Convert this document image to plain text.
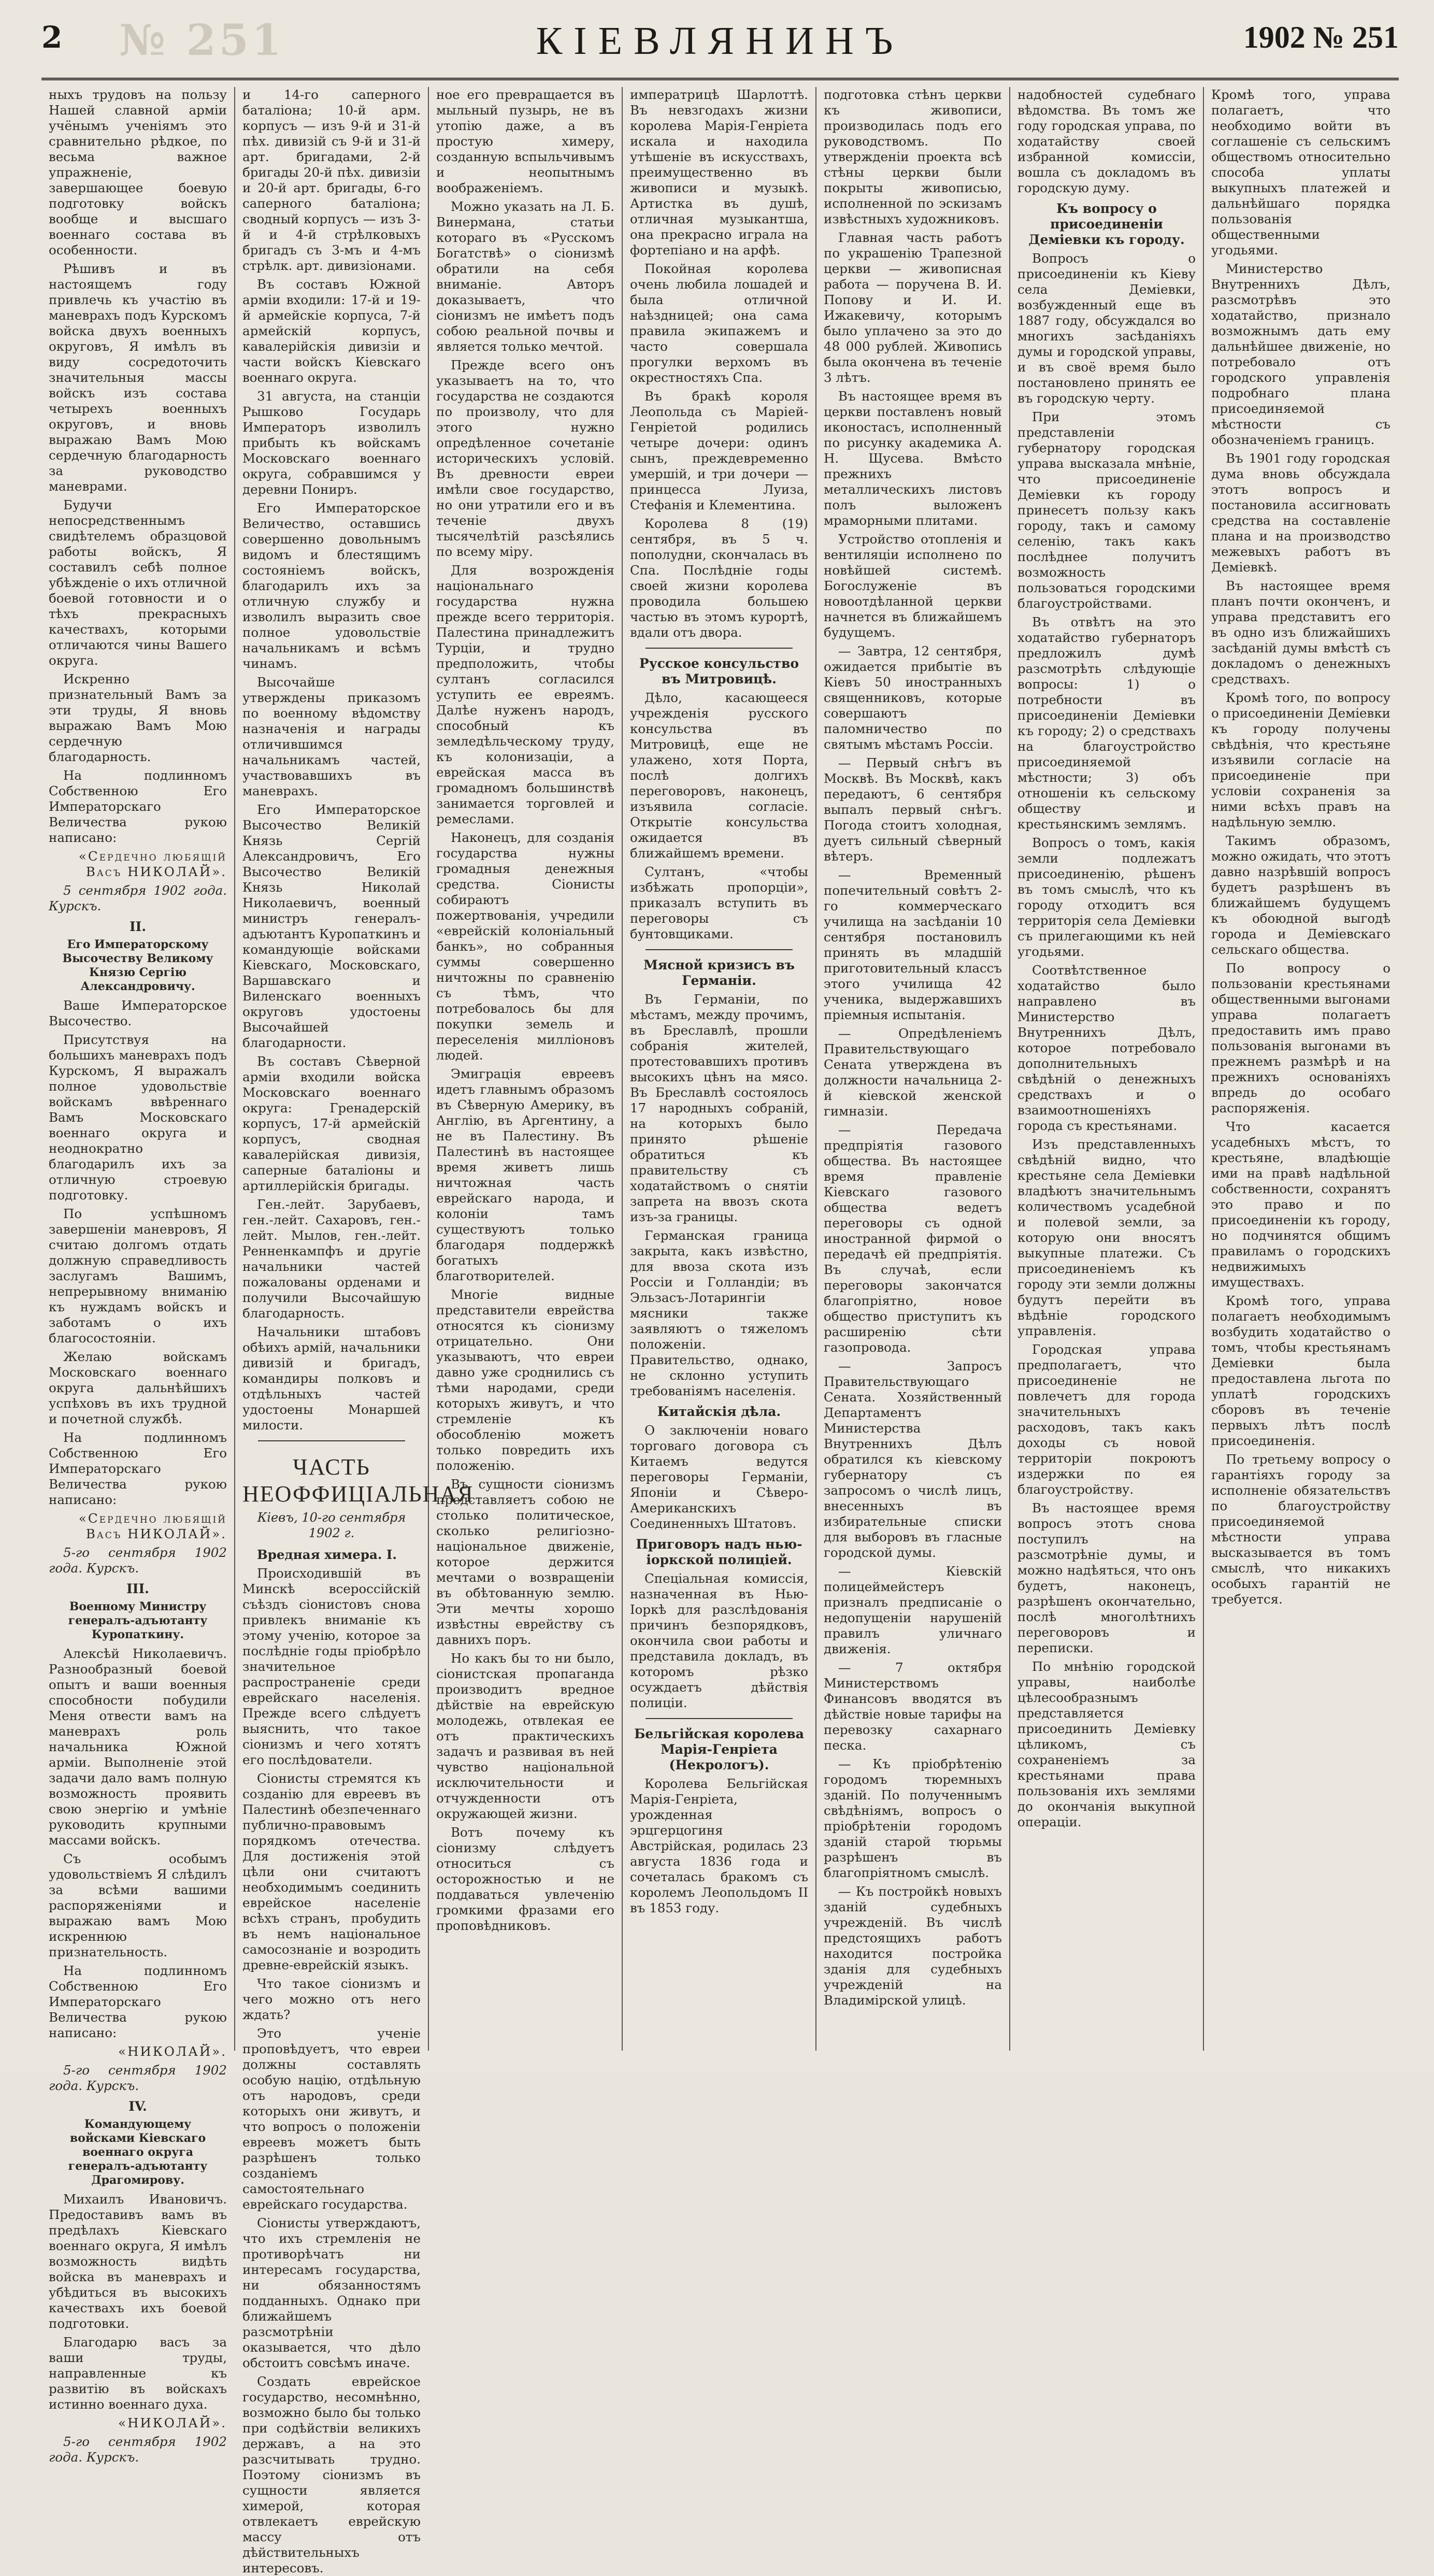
2 № 251	КІЕВЛЯНИНЪ	1902 № 251

ныхъ трудовъ на пользу Нашей славной арміи учёнымъ ученіямъ это сравнительно рѣдкое, по весьма важное упражненіе, завершающее боевую подготовку войскъ вообще и высшаго военнаго состава въ особенности.

Рѣшивъ и въ настоящемъ году привлечь къ участію въ маневрахъ подъ Курскомъ войска двухъ военныхъ округовъ, Я имѣлъ въ виду сосредоточить значительныя массы войскъ изъ состава четырехъ военныхъ округовъ, и вновь выражаю Вамъ Мою сердечную благодарность за руководство маневрами.

Будучи непосредственнымъ свидѣтелемъ образцовой работы войскъ, Я составилъ себѣ полное убѣжденіе о ихъ отличной боевой готовности и о тѣхъ прекрасныхъ качествахъ, которыми отличаются чины Вашего округа.

Искренно признательный Вамъ за эти труды, Я вновь выражаю Вамъ Мою сердечную благодарность.

На подлинномъ Собственною Его Императорскаго Величества рукою написано:

«Сердечно любящій Васъ НИКОЛАЙ».

5 сентября 1902 года. Курскъ.

II.
Его Императорскому Высочеству Великому Князю Сергію Александровичу.

Ваше Императорское Высочество.

Присутствуя на большихъ маневрахъ подъ Курскомъ, Я выражалъ полное удовольствіе войскамъ ввѣреннаго Вамъ Московскаго военнаго округа и неоднократно благодарилъ ихъ за отличную строевую подготовку.

По успѣшномъ завершеніи маневровъ, Я считаю долгомъ отдать должную справедливость заслугамъ Вашимъ, непрерывному вниманію къ нуждамъ войскъ и заботамъ о ихъ благосостояніи.

Желаю войскамъ Московскаго военнаго округа дальнѣйшихъ успѣховъ въ ихъ трудной и почетной службѣ.

На подлинномъ Собственною Его Императорскаго Величества рукою написано:

«Сердечно любящій Васъ НИКОЛАЙ».

5-го сентября 1902 года. Курскъ.

III.
Военному Министру генералъ-адъютанту Куропаткину.

Алексѣй Николаевичъ. Разнообразный боевой опытъ и ваши военныя способности побудили Меня отвести вамъ на маневрахъ роль начальника Южной арміи. Выполненіе этой задачи дало вамъ полную возможность проявить свою энергію и умѣніе руководить крупными массами войскъ.

Съ особымъ удовольствіемъ Я слѣдилъ за всѣми вашими распоряженіями и выражаю вамъ Мою искреннюю признательность.

На подлинномъ Собственною Его Императорскаго Величества рукою написано:

«НИКОЛАЙ».

5-го сентября 1902 года. Курскъ.

IV.
Командующему войсками Кіевскаго военнаго округа генералъ-адъютанту Драгомирову.

Михаилъ Ивановичъ. Предоставивъ вамъ въ предѣлахъ Кіевскаго военнаго округа, Я имѣлъ возможность видѣть войска въ маневрахъ и убѣдиться въ высокихъ качествахъ ихъ боевой подготовки.

Благодарю васъ за ваши труды, направленные къ развитію въ войскахъ истинно военнаго духа.

«НИКОЛАЙ».

5-го сентября 1902 года. Курскъ.

и 14-го саперного баталіона; 10-й арм. корпусъ — изъ 9-й и 31-й пѣх. дивизій съ 9-й и 31-й арт. бригадами, 2-й бригады 20-й пѣх. дивизіи и 20-й арт. бригады, 6-го саперного баталіона; сводный корпусъ — изъ 3-й и 4-й стрѣлковыхъ бригадъ съ 3-мъ и 4-мъ стрѣлк. арт. дивизіонами.

Въ составъ Южной арміи входили: 17-й и 19-й армейскіе корпуса, 7-й армейскій корпусъ, кавалерійскія дивизіи и части войскъ Кіевскаго военнаго округа.

31 августа, на станціи Рышково Государь Императоръ изволилъ прибыть къ войскамъ Московскаго военнаго округа, собравшимся у деревни Пониръ.

Его Императорское Величество, оставшись совершенно довольнымъ видомъ и блестящимъ состояніемъ войскъ, благодарилъ ихъ за отличную службу и изволилъ выразить свое полное удовольствіе начальникамъ и всѣмъ чинамъ.

Высочайше утверждены приказомъ по военному вѣдомству назначенія и награды отличившимся начальникамъ частей, участвовавшихъ въ маневрахъ.

Его Императорское Высочество Великій Князь Сергій Александровичъ, Его Высочество Великій Князь Николай Николаевичъ, военный министръ генералъ-адъютантъ Куропаткинъ и командующіе войсками Кіевскаго, Московскаго, Варшавскаго и Виленскаго военныхъ округовъ удостоены Высочайшей благодарности.

Въ составъ Сѣверной арміи входили войска Московскаго военнаго округа: Гренадерскій корпусъ, 17-й армейскій корпусъ, сводная кавалерійская дивизія, саперные баталіоны и артиллерійскія бригады.

Ген.-лейт. Зарубаевъ, ген.-лейт. Сахаровъ, ген.-лейт. Мылов, ген.-лейт. Ренненкампфъ и другіе начальники частей пожалованы орденами и получили Высочайшую благодарность.

Начальники штабовъ обѣихъ армій, начальники дивизій и бригадъ, командиры полковъ и отдѣльныхъ частей удостоены Монаршей милости.

ЧАСТЬ НЕОФФИЦІАЛЬНАЯ
Кіевъ, 10-го сентября 1902 г.

Вредная химера. I.

Происходившій въ Минскѣ всероссійскій съѣздъ сіонистовъ снова привлекъ вниманіе къ этому ученію, которое за послѣдніе годы пріобрѣло значительное распространеніе среди еврейскаго населенія. Прежде всего слѣдуетъ выяснить, что такое сіонизмъ и чего хотятъ его послѣдователи.

Сіонисты стремятся къ созданію для евреевъ въ Палестинѣ обезпеченнаго публично-правовымъ порядкомъ отечества. Для достиженія этой цѣли они считаютъ необходимымъ соединить еврейское населеніе всѣхъ странъ, пробудить въ немъ національное самосознаніе и возродить древне-еврейскій языкъ.

Что такое сіонизмъ и чего можно отъ него ждать?

Это ученіе проповѣдуетъ, что евреи должны составлять особую націю, отдѣльную отъ народовъ, среди которыхъ они живутъ, и что вопросъ о положеніи евреевъ можетъ быть разрѣшенъ только созданіемъ самостоятельнаго еврейскаго государства.

Сіонисты утверждаютъ, что ихъ стремленія не противорѣчатъ ни интересамъ государства, ни обязанностямъ подданныхъ. Однако при ближайшемъ разсмотрѣніи оказывается, что дѣло обстоитъ совсѣмъ иначе.

Создать еврейское государство, несомнѣнно, возможно было бы только при содѣйствіи великихъ державъ, а на это разсчитывать трудно. Поэтому сіонизмъ въ сущности является химерой, которая отвлекаетъ еврейскую массу отъ дѣйствительныхъ интересовъ.

ное его превращается въ мыльный пузырь, не въ утопію даже, а въ простую химеру, созданную вспыльчивымъ и неопытнымъ воображеніемъ.

Можно указать на Л. Б. Винермана, статьи котораго въ «Русскомъ Богатствѣ» о сіонизмѣ обратили на себя вниманіе. Авторъ доказываетъ, что сіонизмъ не имѣетъ подъ собою реальной почвы и является только мечтой.

Прежде всего онъ указываетъ на то, что государства не создаются по произволу, что для этого нужно опредѣленное сочетаніе историческихъ условій. Въ древности евреи имѣли свое государство, но они утратили его и въ теченіе двухъ тысячелѣтій разсѣялись по всему міру.

Для возрожденія національнаго государства нужна прежде всего территорія. Палестина принадлежитъ Турціи, и трудно предположить, чтобы султанъ согласился уступить ее евреямъ. Далѣе нуженъ народъ, способный къ земледѣльческому труду, къ колонизаціи, а еврейская масса въ громадномъ большинствѣ занимается торговлей и ремеслами.

Наконецъ, для созданія государства нужны громадныя денежныя средства. Сіонисты собираютъ пожертвованія, учредили «еврейскій колоніальный банкъ», но собранныя суммы совершенно ничтожны по сравненію съ тѣмъ, что потребовалось бы для покупки земель и переселенія милліоновъ людей.

Эмиграція евреевъ идетъ главнымъ образомъ въ Сѣверную Америку, въ Англію, въ Аргентину, а не въ Палестину. Въ Палестинѣ въ настоящее время живетъ лишь ничтожная часть еврейскаго народа, и колоніи тамъ существуютъ только благодаря поддержкѣ богатыхъ благотворителей.

Многіе видные представители еврейства относятся къ сіонизму отрицательно. Они указываютъ, что евреи давно уже сроднились съ тѣми народами, среди которыхъ живутъ, и что стремленіе къ обособленію можетъ только повредить ихъ положенію.

Въ сущности сіонизмъ представляетъ собою не столько политическое, сколько религіозно-національное движеніе, которое держится мечтами о возвращеніи въ обѣтованную землю. Эти мечты хорошо извѣстны еврейству съ давнихъ поръ.

Но какъ бы то ни было, сіонистская пропаганда производитъ вредное дѣйствіе на еврейскую молодежь, отвлекая ее отъ практическихъ задачъ и развивая въ ней чувство національной исключительности и отчужденности отъ окружающей жизни.

Вотъ почему къ сіонизму слѣдуетъ относиться съ осторожностью и не поддаваться увлеченію громкими фразами его проповѣдниковъ.

императрицѣ Шарлоттѣ. Въ невзгодахъ жизни королева Марія-Генріета искала и находила утѣшеніе въ искусствахъ, преимущественно въ живописи и музыкѣ. Артистка въ душѣ, отличная музыкантша, она прекрасно играла на фортепіано и на арфѣ.

Покойная королева очень любила лошадей и была отличной наѣздницей; она сама правила экипажемъ и часто совершала прогулки верхомъ въ окрестностяхъ Спа.

Въ бракѣ короля Леопольда съ Маріей-Генріетой родились четыре дочери: одинъ сынъ, преждевременно умершій, и три дочери — принцесса Луиза, Стефанія и Клементина.

Королева 8 (19) сентября, въ 5 ч. пополудни, скончалась въ Спа. Послѣдніе годы своей жизни королева проводила большею частью въ этомъ курортѣ, вдали отъ двора.

Русское консульство въ Митровицѣ.

Дѣло, касающееся учрежденія русского консульства въ Митровицѣ, еще не улажено, хотя Порта, послѣ долгихъ переговоровъ, наконецъ, изъявила согласіе. Открытіе консульства ожидается въ ближайшемъ времени.

Султанъ, «чтобы избѣжать пропорціи», приказалъ вступить въ переговоры съ бунтовщиками.

Мясной кризисъ въ Германіи.

Въ Германіи, по мѣстамъ, между прочимъ, въ Бреславлѣ, прошли собранія жителей, протестовавшихъ противъ высокихъ цѣнъ на мясо. Въ Бреславлѣ состоялось 17 народныхъ собраній, на которыхъ было принято рѣшеніе обратиться къ правительству съ ходатайствомъ о снятіи запрета на ввозъ скота изъ-за границы.

Германская граница закрыта, какъ извѣстно, для ввоза скота изъ Россіи и Голландіи; въ Эльзасъ-Лотарингіи мясники также заявляютъ о тяжеломъ положеніи. Правительство, однако, не склонно уступить требованіямъ населенія.

Китайскія дѣла.

О заключеніи новаго торговаго договора съ Китаемъ ведутся переговоры Германіи, Японіи и Сѣверо-Американскихъ Соединенныхъ Штатовъ.

Приговоръ надъ нью-іоркской полиціей.

Спеціальная комиссія, назначенная въ Нью-Іоркѣ для разслѣдованія причинъ безпорядковъ, окончила свои работы и представила докладъ, въ которомъ рѣзко осуждаетъ дѣйствія полиціи.

Бельгійская королева Марія-Генріета (Некрологъ).

Королева Бельгійская Марія-Генріета, урожденная эрцгерцогиня Австрійская, родилась 23 августа 1836 года и сочеталась бракомъ съ королемъ Леопольдомъ II въ 1853 году.

подготовка стѣнъ церкви къ живописи, производилась подъ его руководствомъ. По утвержденіи проекта всѣ стѣны церкви были покрыты живописью, исполненной по эскизамъ извѣстныхъ художниковъ.

Главная часть работъ по украшенію Трапезной церкви — живописная работа — поручена В. И. Попову и И. И. Ижакевичу, которымъ было уплачено за это до 48 000 рублей. Живопись была окончена въ теченіе 3 лѣтъ.

Въ настоящее время въ церкви поставленъ новый иконостасъ, исполненный по рисунку академика А. Н. Щусева. Вмѣсто прежнихъ металлическихъ листовъ полъ выложенъ мраморными плитами.

Устройство отопленія и вентиляціи исполнено по новѣйшей системѣ. Богослуженіе въ новоотдѣланной церкви начнется въ ближайшемъ будущемъ.

— Завтра, 12 сентября, ожидается прибытіе въ Кіевъ 50 иностранныхъ священниковъ, которые совершаютъ паломничество по святымъ мѣстамъ Россіи.

— Первый снѣгъ въ Москвѣ. Въ Москвѣ, какъ передаютъ, 6 сентября выпалъ первый снѣгъ. Погода стоитъ холодная, дуетъ сильный сѣверный вѣтеръ.

— Временный попечительный совѣтъ 2-го коммерческаго училища на засѣданіи 10 сентября постановилъ принять въ младшій приготовительный классъ этого училища 42 ученика, выдержавшихъ пріемныя испытанія.

— Опредѣленіемъ Правительствующаго Сената утверждена въ должности начальница 2-й кіевской женской гимназіи.

— Передача предпріятія газового общества. Въ настоящее время правленіе Кіевскаго газового общества ведетъ переговоры съ одной иностранной фирмой о передачѣ ей предпріятія. Въ случаѣ, если переговоры закончатся благопріятно, новое общество приступитъ къ расширенію сѣти газопровода.

— Запросъ Правительствующаго Сената. Хозяйственный Департаментъ Министерства Внутреннихъ Дѣлъ обратился къ кіевскому губернатору съ запросомъ о числѣ лицъ, внесенныхъ въ избирательные списки для выборовъ въ гласные городской думы.

— Кіевскій полицеймейстеръ призналъ предписаніе о недопущеніи нарушеній правилъ уличнаго движенія.

— 7 октября Министерствомъ Финансовъ вводятся въ дѣйствіе новые тарифы на перевозку сахарнаго песка.

— Къ пріобрѣтенію городомъ тюремныхъ зданій. По полученнымъ свѣдѣніямъ, вопросъ о пріобрѣтеніи городомъ зданій старой тюрьмы разрѣшенъ въ благопріятномъ смыслѣ.

— Къ постройкѣ новыхъ зданій судебныхъ учрежденій. Въ числѣ предстоящихъ работъ находится постройка зданія для судебныхъ учрежденій на Владимірской улицѣ.

надобностей судебнаго вѣдомства. Въ томъ же году городская управа, по ходатайству своей избранной комиссіи, вошла съ докладомъ въ городскую думу.

Къ вопросу о присоединеніи Деміевки къ городу.

Вопросъ о присоединеніи къ Кіеву села Деміевки, возбужденный еще въ 1887 году, обсуждался во многихъ засѣданіяхъ думы и городской управы, и въ своё время было постановлено принять ее въ городскую черту.

При этомъ представленіи губернатору городская управа высказала мнѣніе, что присоединеніе Деміевки къ городу принесетъ пользу какъ городу, такъ и самому селенію, такъ какъ послѣднее получитъ возможность пользоваться городскими благоустройствами.

Въ отвѣтъ на это ходатайство губернаторъ предложилъ думѣ разсмотрѣть слѣдующіе вопросы: 1) о потребности въ присоединеніи Деміевки къ городу; 2) о средствахъ на благоустройство присоединяемой мѣстности; 3) объ отношеніи къ сельскому обществу и крестьянскимъ землямъ.

Вопросъ о томъ, какія земли подлежатъ присоединенію, рѣшенъ въ томъ смыслѣ, что къ городу отходитъ вся территорія села Деміевки съ прилегающими къ ней угодьями.

Соотвѣтственное ходатайство было направлено въ Министерство Внутреннихъ Дѣлъ, которое потребовало дополнительныхъ свѣдѣній о денежныхъ средствахъ и о взаимоотношеніяхъ города съ крестьянами.

Изъ представленныхъ свѣдѣній видно, что крестьяне села Деміевки владѣютъ значительнымъ количествомъ усадебной и полевой земли, за которую они вносятъ выкупные платежи. Съ присоединеніемъ къ городу эти земли должны будутъ перейти въ вѣдѣніе городского управленія.

Городская управа предполагаетъ, что присоединеніе не повлечетъ для города значительныхъ расходовъ, такъ какъ доходы съ новой территоріи покроютъ издержки по ея благоустройству.

Въ настоящее время вопросъ этотъ снова поступилъ на разсмотрѣніе думы, и можно надѣяться, что онъ будетъ, наконецъ, разрѣшенъ окончательно, послѣ многолѣтнихъ переговоровъ и переписки.

По мнѣнію городской управы, наиболѣе цѣлесообразнымъ представляется присоединить Деміевку цѣликомъ, съ сохраненіемъ за крестьянами права пользованія ихъ землями до окончанія выкупной операціи.

Кромѣ того, управа полагаетъ, что необходимо войти въ соглашеніе съ сельскимъ обществомъ относительно способа уплаты выкупныхъ платежей и дальнѣйшаго порядка пользованія общественными угодьями.

Министерство Внутреннихъ Дѣлъ, разсмотрѣвъ это ходатайство, признало возможнымъ дать ему дальнѣйшее движеніе, но потребовало отъ городского управленія подробнаго плана присоединяемой мѣстности съ обозначеніемъ границъ.

Въ 1901 году городская дума вновь обсуждала этотъ вопросъ и постановила ассигновать средства на составленіе плана и на производство межевыхъ работъ въ Деміевкѣ.

Въ настоящее время планъ почти оконченъ, и управа представитъ его въ одно изъ ближайшихъ засѣданій думы вмѣстѣ съ докладомъ о денежныхъ средствахъ.

Кромѣ того, по вопросу о присоединеніи Деміевки къ городу получены свѣдѣнія, что крестьяне изъявили согласіе на присоединеніе при условіи сохраненія за ними всѣхъ правъ на надѣльную землю.

Такимъ образомъ, можно ожидать, что этотъ давно назрѣвшій вопросъ будетъ разрѣшенъ въ ближайшемъ будущемъ къ обоюдной выгодѣ города и Деміевскаго сельскаго общества.

По вопросу о пользованіи крестьянами общественными выгонами управа полагаетъ предоставить имъ право пользованія выгонами въ прежнемъ размѣрѣ и на прежнихъ основаніяхъ впредь до особаго распоряженія.

Что касается усадебныхъ мѣстъ, то крестьяне, владѣющіе ими на правѣ надѣльной собственности, сохранятъ это право и по присоединеніи къ городу, но подчинятся общимъ правиламъ о городскихъ недвижимыхъ имуществахъ.

Кромѣ того, управа полагаетъ необходимымъ возбудить ходатайство о томъ, чтобы крестьянамъ Деміевки была предоставлена льгота по уплатѣ городскихъ сборовъ въ теченіе первыхъ лѣтъ послѣ присоединенія.

По третьему вопросу о гарантіяхъ городу за исполненіе обязательствъ по благоустройству присоединяемой мѣстности управа высказывается въ томъ смыслѣ, что никакихъ особыхъ гарантій не требуется.
